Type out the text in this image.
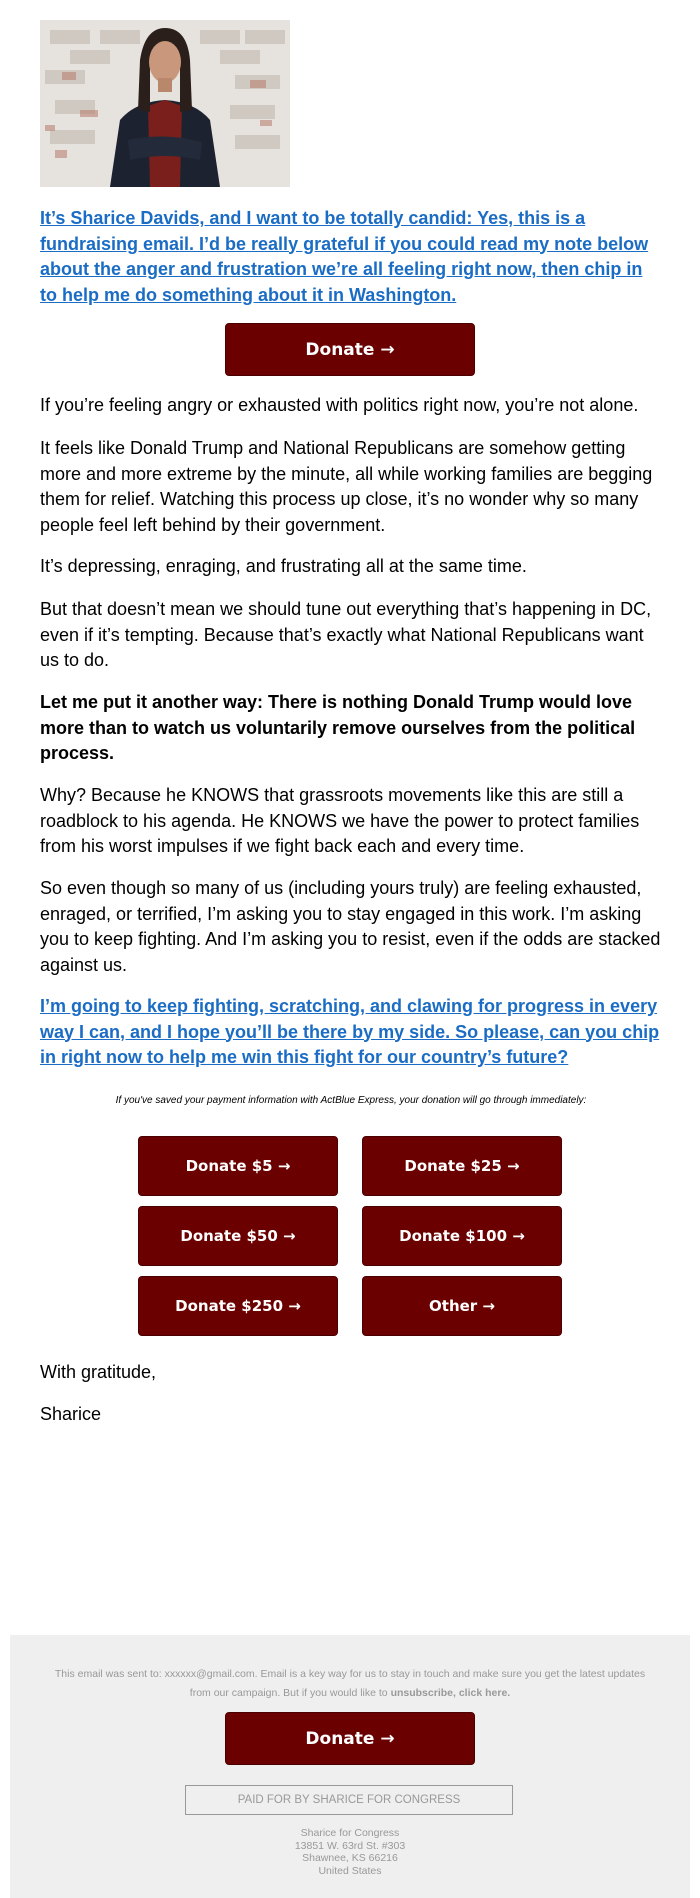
It’s Sharice Davids, and I want to be totally candid: Yes, this is a fundraising email. I’d be really grateful if you could read my note below about the anger and frustration we’re all feeling right now, then chip in to help me do something about it in Washington.

Donate →

If you’re feeling angry or exhausted with politics right now, you’re not alone.

It feels like Donald Trump and National Republicans are somehow getting more and more extreme by the minute, all while working families are begging them for relief. Watching this process up close, it’s no wonder why so many people feel left behind by their government.

It’s depressing, enraging, and frustrating all at the same time.

But that doesn’t mean we should tune out everything that’s happening in DC, even if it’s tempting. Because that’s exactly what National Republicans want us to do.

Let me put it another way: There is nothing Donald Trump would love more than to watch us voluntarily remove ourselves from the political process.

Why? Because he KNOWS that grassroots movements like this are still a roadblock to his agenda. He KNOWS we have the power to protect families from his worst impulses if we fight back each and every time.

So even though so many of us (including yours truly) are feeling exhausted, enraged, or terrified, I’m asking you to stay engaged in this work. I’m asking you to keep fighting. And I’m asking you to resist, even if the odds are stacked against us.

I’m going to keep fighting, scratching, and clawing for progress in every way I can, and I hope you’ll be there by my side. So please, can you chip in right now to help me win this fight for our country’s future?

If you've saved your payment information with ActBlue Express, your donation will go through immediately:
Donate $5 →	Donate $25 →
Donate $50 →	Donate $100 →
Donate $250 →	Other →

With gratitude,

Sharice

This email was sent to: xxxxxx@gmail.com. Email is a key way for us to stay in touch and make sure you get the latest updates from our campaign. But if you would like to unsubscribe, click here.
Donate →
PAID FOR BY SHARICE FOR CONGRESS
Sharice for Congress
13851 W. 63rd St. #303
Shawnee, KS 66216
United States
